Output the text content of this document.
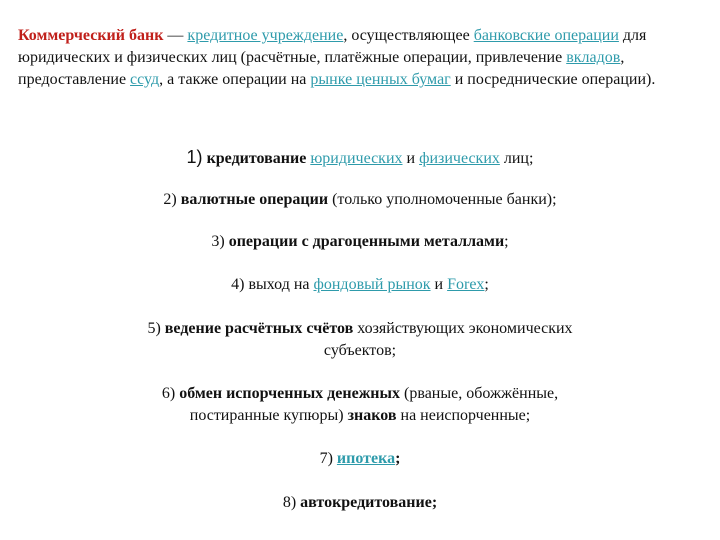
Коммерческий банк — кредитное учреждение, осуществляющее банковские операции для юридических и физических лиц (расчётные, платёжные операции, привлечение вкладов, предоставление ссуд, а также операции на рынке ценных бумаг и посреднические операции).

1) кредитование юридических и физических лиц;

2) валютные операции (только уполномоченные банки);

3) операции с драгоценными металлами;

4) выход на фондовый рынок и Forex;

5) ведение расчётных счётов хозяйствующих экономических субъектов;

6) обмен испорченных денежных (рваные, обожжённые, постиранные купюры) знаков на неиспорченные;

7) ипотека;

8) автокредитование;
